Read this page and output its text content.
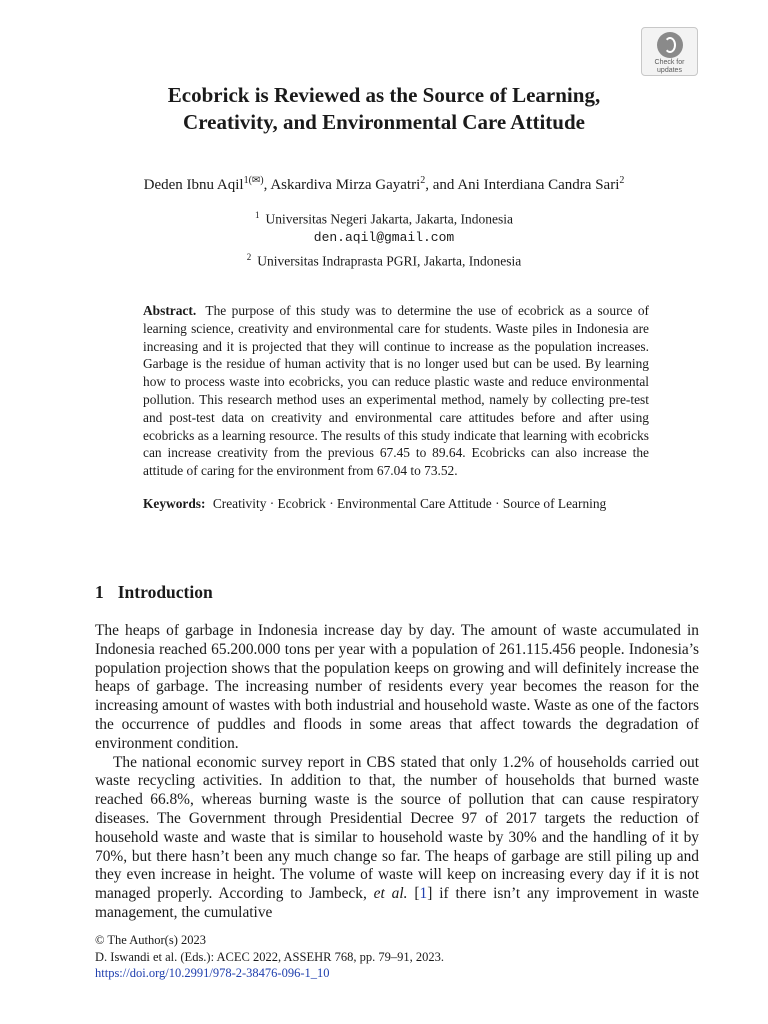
Check for
updates
Ecobrick is Reviewed as the Source of Learning,
Creativity, and Environmental Care Attitude
Deden Ibnu Aqil$^{1(✉)}$, Askardiva Mirza Gayatri$^2$, and Ani Interdiana Candra Sari$^2$
$^1$ Universitas Negeri Jakarta, Jakarta, Indonesia
den.aqil@gmail.com
$^2$ Universitas Indraprasta PGRI, Jakarta, Indonesia

Abstract. The purpose of this study was to determine the use of ecobrick as a source of learning science, creativity and environmental care for students. Waste piles in Indonesia are increasing and it is projected that they will continue to increase as the population increases. Garbage is the residue of human activity that is no longer used but can be used. By learning how to process waste into ecobricks, you can reduce plastic waste and reduce environmental pollution. This research method uses an experimental method, namely by collecting pre-test and post-test data on creativity and environmental care attitudes before and after using ecobricks as a learning resource. The results of this study indicate that learning with ecobricks can increase creativity from the previous 67.45 to 89.64. Ecobricks can also increase the attitude of caring for the environment from 67.04 to 73.52.

Keywords: Creativity · Ecobrick · Environmental Care Attitude · Source of Learning

1 Introduction

The heaps of garbage in Indonesia increase day by day. The amount of waste accumulated in Indonesia reached 65.200.000 tons per year with a population of 261.115.456 people. Indonesia’s population projection shows that the population keeps on growing and will definitely increase the heaps of garbage. The increasing number of residents every year becomes the reason for the increasing amount of wastes with both industrial and household waste. Waste as one of the factors the occurrence of puddles and floods in some areas that affect towards the degradation of environment condition.

The national economic survey report in CBS stated that only 1.2% of households carried out waste recycling activities. In addition to that, the number of households that burned waste reached 66.8%, whereas burning waste is the source of pollution that can cause respiratory diseases. The Government through Presidential Decree 97 of 2017 targets the reduction of household waste and waste that is similar to household waste by 30% and the handling of it by 70%, but there hasn’t been any much change so far. The heaps of garbage are still piling up and they even increase in height. The volume of waste will keep on increasing every day if it is not managed properly. According to Jambeck, et al. [1] if there isn’t any improvement in waste management, the cumulative

© The Author(s) 2023
D. Iswandi et al. (Eds.): ACEC 2022, ASSEHR 768, pp. 79–91, 2023.
https://doi.org/10.2991/978-2-38476-096-1_10
